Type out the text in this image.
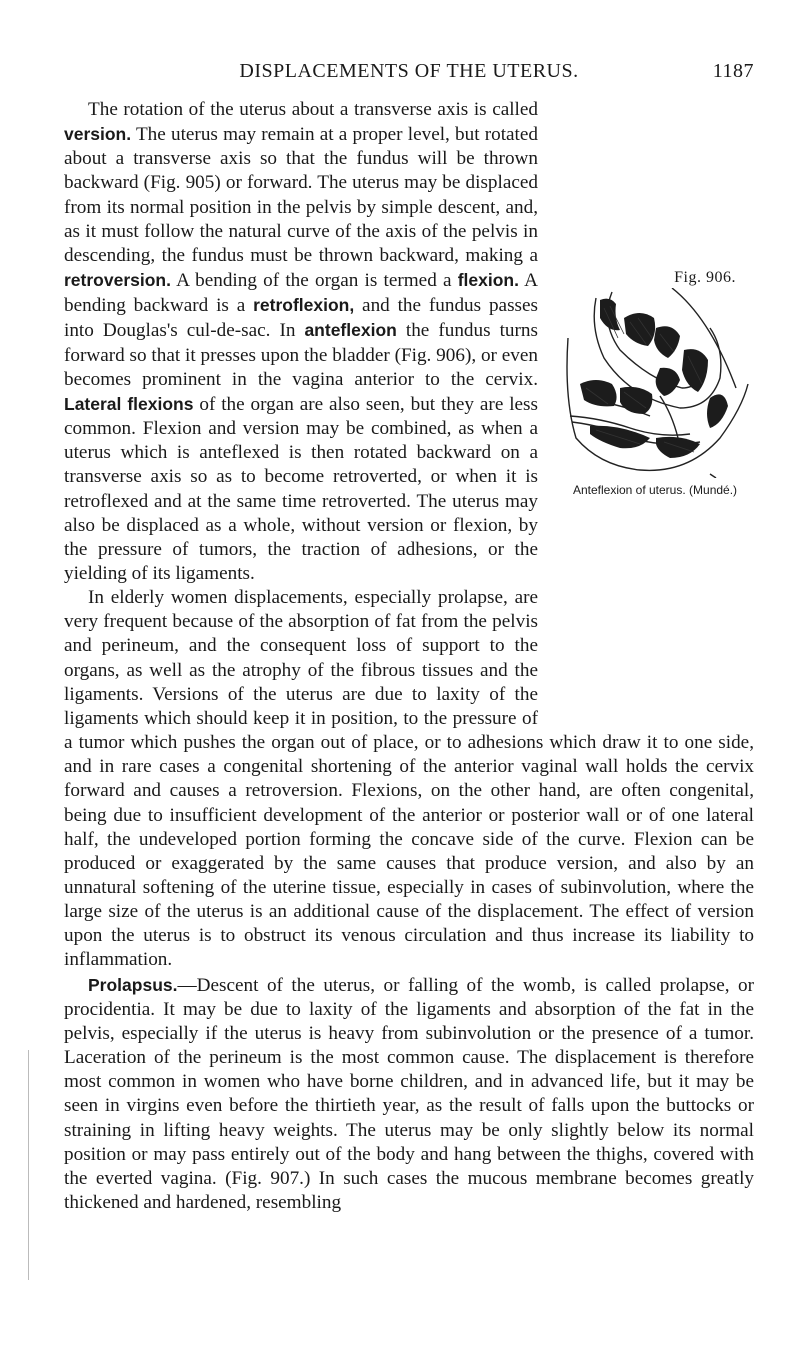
DISPLACEMENTS OF THE UTERUS.	1187
Fig. 906.
Anteflexion of uterus. (Mundé.)

The rotation of the uterus about a transverse axis is called version. The uterus may remain at a proper level, but rotated about a transverse axis so that the fundus will be thrown backward (Fig. 905) or forward. The uterus may be displaced from its normal position in the pelvis by simple descent, and, as it must follow the natural curve of the axis of the pelvis in descending, the fundus must be thrown backward, making a retroversion. A bending of the organ is termed a flexion. A bending backward is a retroflexion, and the fundus passes into Douglas's cul-de-sac. In anteflexion the fundus turns forward so that it presses upon the bladder (Fig. 906), or even becomes prominent in the vagina anterior to the cervix. Lateral flexions of the organ are also seen, but they are less common. Flexion and version may be combined, as when a uterus which is anteflexed is then rotated backward on a transverse axis so as to become retroverted, or when it is retroflexed and at the same time retroverted. The uterus may also be displaced as a whole, without version or flexion, by the pressure of tumors, the traction of adhesions, or the yielding of its ligaments.

In elderly women displacements, especially prolapse, are very frequent because of the absorption of fat from the pelvis and perineum, and the consequent loss of support to the organs, as well as the atrophy of the fibrous tissues and the ligaments. Versions of the uterus are due to laxity of the ligaments which should keep it in position, to the pressure of a tumor which pushes the organ out of place, or to adhesions which draw it to one side, and in rare cases a congenital shortening of the anterior vaginal wall holds the cervix forward and causes a retroversion. Flexions, on the other hand, are often congenital, being due to insufficient development of the anterior or posterior wall or of one lateral half, the undeveloped portion forming the concave side of the curve. Flexion can be produced or exaggerated by the same causes that produce version, and also by an unnatural softening of the uterine tissue, especially in cases of subinvolution, where the large size of the uterus is an additional cause of the displacement. The effect of version upon the uterus is to obstruct its venous circulation and thus increase its liability to inflammation.

Prolapsus.—Descent of the uterus, or falling of the womb, is called prolapse, or procidentia. It may be due to laxity of the ligaments and absorption of the fat in the pelvis, especially if the uterus is heavy from subinvolution or the presence of a tumor. Laceration of the perineum is the most common cause. The displacement is therefore most common in women who have borne children, and in advanced life, but it may be seen in virgins even before the thirtieth year, as the result of falls upon the buttocks or straining in lifting heavy weights. The uterus may be only slightly below its normal position or may pass entirely out of the body and hang between the thighs, covered with the everted vagina. (Fig. 907.) In such cases the mucous membrane becomes greatly thickened and hardened, resembling
